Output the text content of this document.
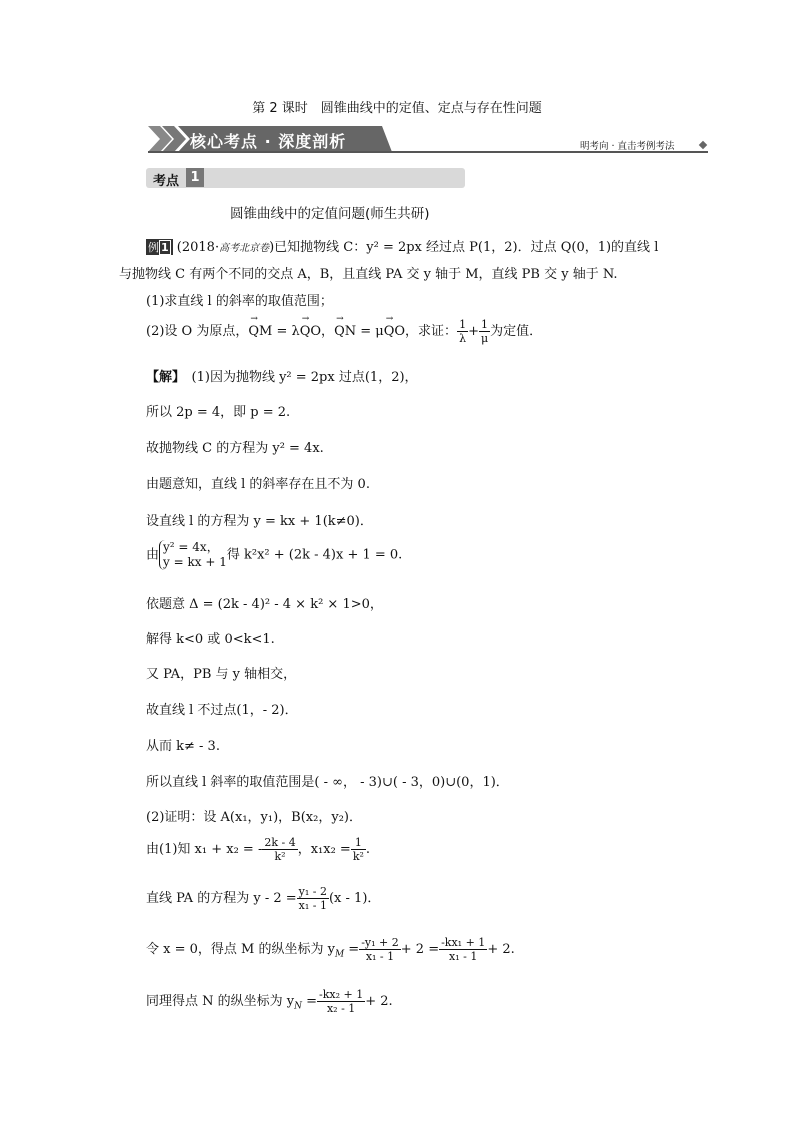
第 2 课时　圆锥曲线中的定值、定点与存在性问题
核心考点 · 深度剖析	明考向 · 直击考例考法
考点 1
圆锥曲线中的定值问题(师生共研)
例 1 (2018·高考北京卷)已知抛物线 C：y² = 2px 经过点 P(1，2)．过点 Q(0，1)的直线 l
与抛物线 C 有两个不同的交点 A，B，且直线 PA 交 y 轴于 M，直线 PB 交 y 轴于 N.
(1)求直线 l 的斜率的取值范围；
(2)设 O 为原点，→ QM = λ→ QO，→ QN = μ→ QO，求证： $\frac{1}{\lambda} + \frac{1}{\mu}$ 为定值．
【解】　 (1)因为抛物线 y² = 2px 过点(1，2)，
所以 2p = 4，即 p = 2.
故抛物线 C 的方程为 y² = 4x.
由题意知，直线 l 的斜率存在且不为 0.
设直线 l 的方程为 y = kx + 1(k≠0)．
由
y² = 4x，
y = kx + 1 得 k²x² + (2k - 4)x + 1 = 0.
依题意 Δ = (2k - 4)² - 4 × k² × 1>0，
解得 k<0 或 0<k<1.
又 PA，PB 与 y 轴相交，
故直线 l 不过点(1，- 2)．
从而 k≠ - 3.
所以直线 l 斜率的取值范围是( - ∞， - 3)∪( - 3，0)∪(0，1)．
(2)证明：设 A(x₁，y₁)，B(x₂，y₂)．
由(1)知 x₁ + x₂ = - $\frac{2k - 4}{\text{k²}}$ ，$x_1x_2 = \frac{1}{\text{k²}}$ .
直线 PA 的方程为 $y - 2 = \frac{\text{y₁ - 2}}{\text{x₁ - 1}} (x - 1)$．
令 x = 0，得点 M 的纵坐标为 $y_M = \frac{\text{-y₁ + 2}}{\text{x₁ - 1}} + 2 = \frac{\text{-kx₁ + 1}}{\text{x₁ - 1}} + 2$.
同理得点 N 的纵坐标为 $y_N = \frac{\text{-kx₂ + 1}}{\text{x₂ - 1}} + 2$.
